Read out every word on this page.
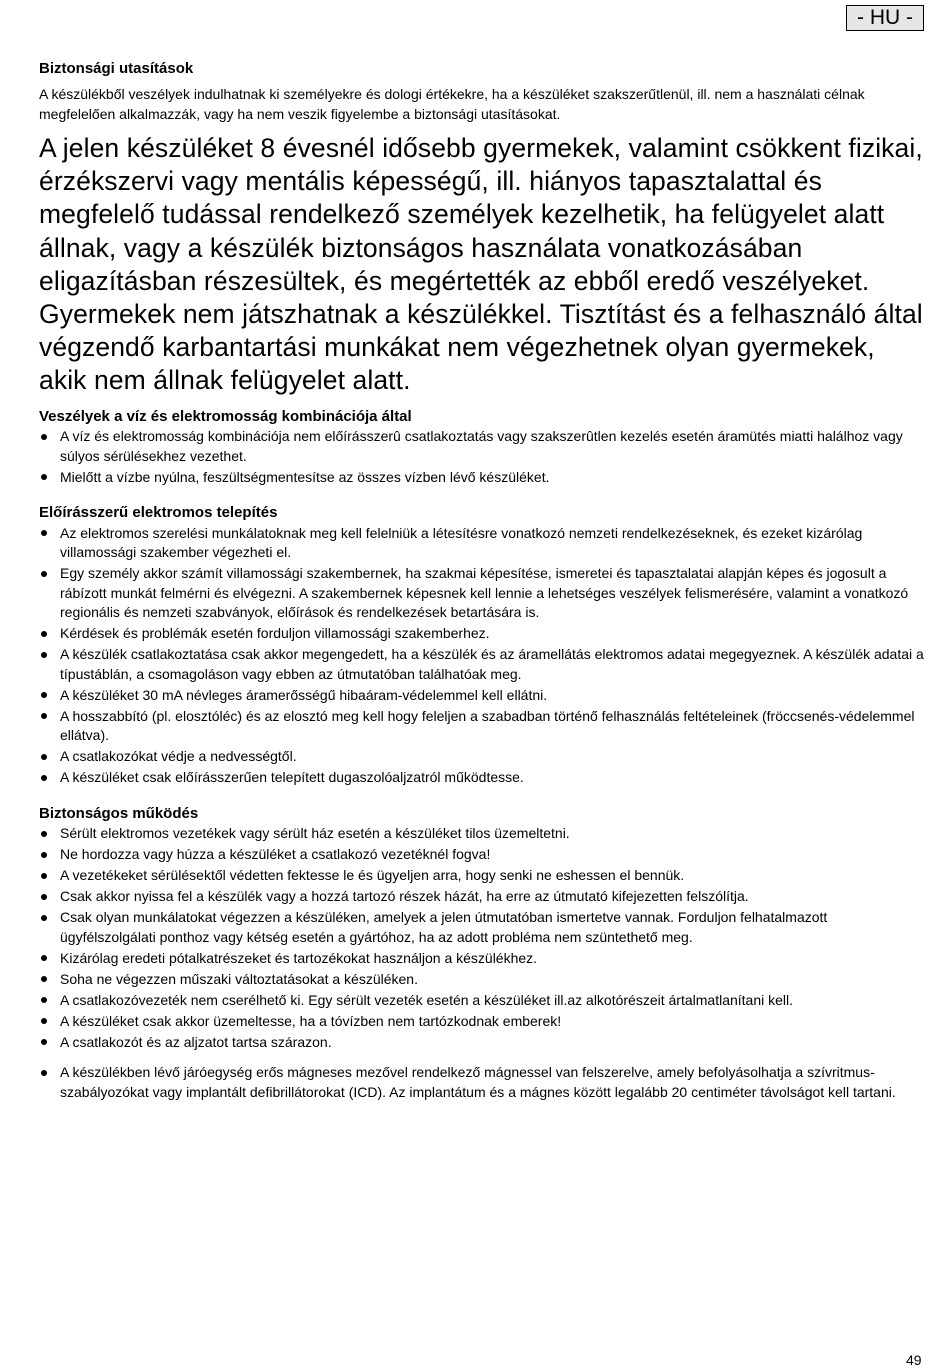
- HU -
Biztonsági utasítások

A készülékből veszélyek indulhatnak ki személyekre és dologi értékekre, ha a készüléket szakszerűtlenül, ill. nem a használati célnak megfelelően alkalmazzák, vagy ha nem veszik figyelembe a biztonsági utasításokat.

A jelen készüléket 8 évesnél idősebb gyermekek, valamint csökkent fizikai, érzékszervi vagy mentális képességű, ill. hiányos tapasztalattal és megfelelő tudással rendelkező személyek kezelhetik, ha felügyelet alatt állnak, vagy a készülék biztonságos használata vonatkozásában eligazításban részesültek, és megértették az ebből eredő veszélyeket. Gyermekek nem játszhatnak a készülékkel. Tisztítást és a felhasználó által végzendő karbantartási munkákat nem végezhetnek olyan gyermekek, akik nem állnak felügyelet alatt.

Veszélyek a víz és elektromosság kombinációja által
A víz és elektromosság kombinációja nem előírásszerû csatlakoztatás vagy szakszerûtlen kezelés esetén áramütés miatti halálhoz vagy súlyos sérülésekhez vezethet.
Mielőtt a vízbe nyúlna, feszültségmentesítse az összes vízben lévő készüléket.
Előírásszerű elektromos telepítés
Az elektromos szerelési munkálatoknak meg kell felelniük a létesítésre vonatkozó nemzeti rendelkezéseknek, és ezeket kizárólag villamossági szakember végezheti el.
Egy személy akkor számít villamossági szakembernek, ha szakmai képesítése, ismeretei és tapasztalatai alapján képes és jogosult a rábízott munkát felmérni és elvégezni. A szakembernek képesnek kell lennie a lehetséges veszélyek felismerésére, valamint a vonatkozó regionális és nemzeti szabványok, előírások és rendelkezések betartására is.
Kérdések és problémák esetén forduljon villamossági szakemberhez.
A készülék csatlakoztatása csak akkor megengedett, ha a készülék és az áramellátás elektromos adatai megegyeznek. A készülék adatai a típustáblán, a csomagoláson vagy ebben az útmutatóban találhatóak meg.
A készüléket 30 mA névleges áramerősségű hibaáram-védelemmel kell ellátni.
A hosszabbító (pl. elosztóléc) és az elosztó meg kell hogy feleljen a szabadban történő felhasználás feltételeinek (fröccsenés-védelemmel ellátva).
A csatlakozókat védje a nedvességtől.
A készüléket csak előírásszerűen telepített dugaszolóaljzatról működtesse.
Biztonságos működés
Sérült elektromos vezetékek vagy sérült ház esetén a készüléket tilos üzemeltetni.
Ne hordozza vagy húzza a készüléket a csatlakozó vezetéknél fogva!
A vezetékeket sérülésektől védetten fektesse le és ügyeljen arra, hogy senki ne eshessen el bennük.
Csak akkor nyissa fel a készülék vagy a hozzá tartozó részek házát, ha erre az útmutató kifejezetten felszólítja.
Csak olyan munkálatokat végezzen a készüléken, amelyek a jelen útmutatóban ismertetve vannak. Forduljon felhatalmazott ügyfélszolgálati ponthoz vagy kétség esetén a gyártóhoz, ha az adott probléma nem szüntethető meg.
Kizárólag eredeti pótalkatrészeket és tartozékokat használjon a készülékhez.
Soha ne végezzen műszaki változtatásokat a készüléken.
A csatlakozóvezeték nem cserélhető ki. Egy sérült vezeték esetén a készüléket ill.az alkotórészeit ártalmatlanítani kell.
A készüléket csak akkor üzemeltesse, ha a tóvízben nem tartózkodnak emberek!
A csatlakozót és az aljzatot tartsa szárazon.
A készülékben lévő járóegység erős mágneses mezővel rendelkező mágnessel van felszerelve, amely befolyásolhatja a szívritmus-szabályozókat vagy implantált defibrillátorokat (ICD). Az implantátum és a mágnes között legalább 20 centiméter távolságot kell tartani.
49
